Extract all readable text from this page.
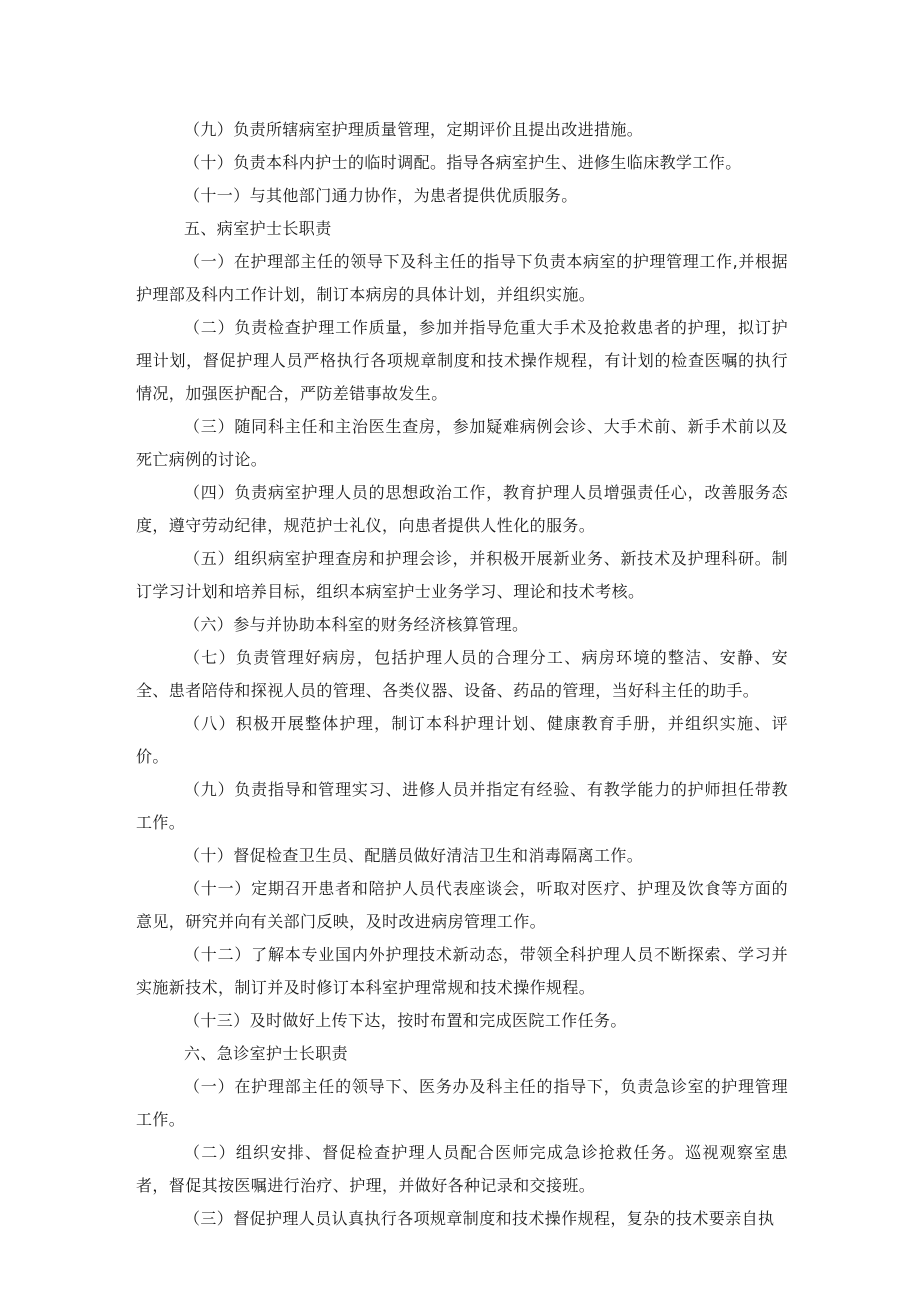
（九）负责所辖病室护理质量管理，定期评价且提出改进措施。

（十）负责本科内护士的临时调配。指导各病室护生、进修生临床教学工作。

（十一）与其他部门通力协作，为患者提供优质服务。

五、病室护士长职责

（一）在护理部主任的领导下及科主任的指导下负责本病室的护理管理工作,并根据护理部及科内工作计划，制订本病房的具体计划，并组织实施。

（二）负责检查护理工作质量，参加并指导危重大手术及抢救患者的护理，拟订护理计划，督促护理人员严格执行各项规章制度和技术操作规程，有计划的检查医嘱的执行情况，加强医护配合，严防差错事故发生。

（三）随同科主任和主治医生查房，参加疑难病例会诊、大手术前、新手术前以及死亡病例的讨论。

（四）负责病室护理人员的思想政治工作，教育护理人员增强责任心，改善服务态度，遵守劳动纪律，规范护士礼仪，向患者提供人性化的服务。

（五）组织病室护理查房和护理会诊，并积极开展新业务、新技术及护理科研。制订学习计划和培养目标，组织本病室护士业务学习、理论和技术考核。

（六）参与并协助本科室的财务经济核算管理。

（七）负责管理好病房，包括护理人员的合理分工、病房环境的整洁、安静、安全、患者陪侍和探视人员的管理、各类仪器、设备、药品的管理，当好科主任的助手。

（八）积极开展整体护理，制订本科护理计划、健康教育手册，并组织实施、评价。

（九）负责指导和管理实习、进修人员并指定有经验、有教学能力的护师担任带教工作。

（十）督促检查卫生员、配膳员做好清洁卫生和消毒隔离工作。

（十一）定期召开患者和陪护人员代表座谈会，听取对医疗、护理及饮食等方面的意见，研究并向有关部门反映，及时改进病房管理工作。

（十二）了解本专业国内外护理技术新动态，带领全科护理人员不断探索、学习并实施新技术，制订并及时修订本科室护理常规和技术操作规程。

（十三）及时做好上传下达，按时布置和完成医院工作任务。

六、急诊室护士长职责

（一）在护理部主任的领导下、医务办及科主任的指导下，负责急诊室的护理管理工作。

（二）组织安排、督促检查护理人员配合医师完成急诊抢救任务。巡视观察室患者，督促其按医嘱进行治疗、护理，并做好各种记录和交接班。

（三）督促护理人员认真执行各项规章制度和技术操作规程，复杂的技术要亲自执
